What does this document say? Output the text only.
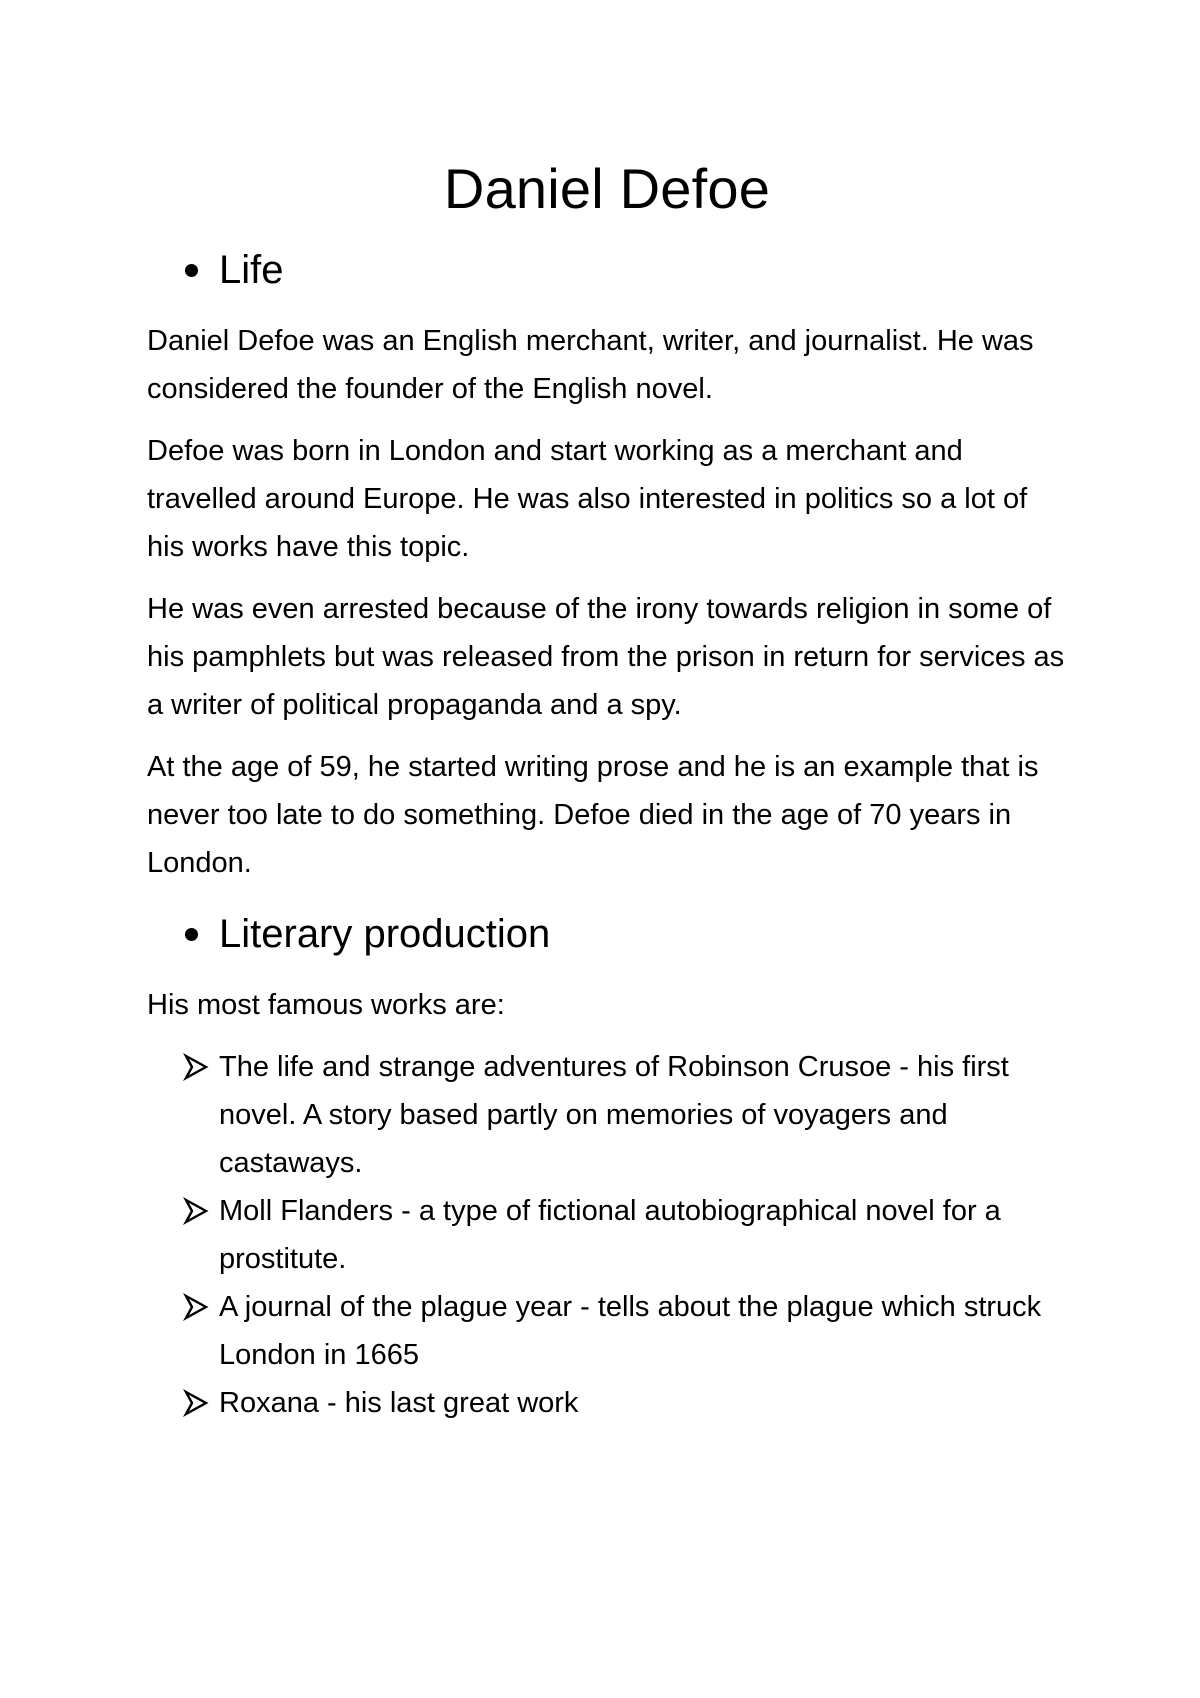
Daniel Defoe
Life

Daniel Defoe was an English merchant, writer, and journalist. He was considered the founder of the English novel.

Defoe was born in London and start working as a merchant and travelled around Europe. He was also interested in politics so a lot of his works have this topic.

He was even arrested because of the irony towards religion in some of his pamphlets but was released from the prison in return for services as a writer of political propaganda and a spy.

At the age of 59, he started writing prose and he is an example that is never too late to do something. Defoe died in the age of 70 years in London.

Literary production

His most famous works are:

The life and strange adventures of Robinson Crusoe - his first novel. A story based partly on memories of voyagers and castaways.
Moll Flanders - a type of fictional autobiographical novel for a prostitute.
A journal of the plague year - tells about the plague which struck London in 1665
Roxana - his last great work
